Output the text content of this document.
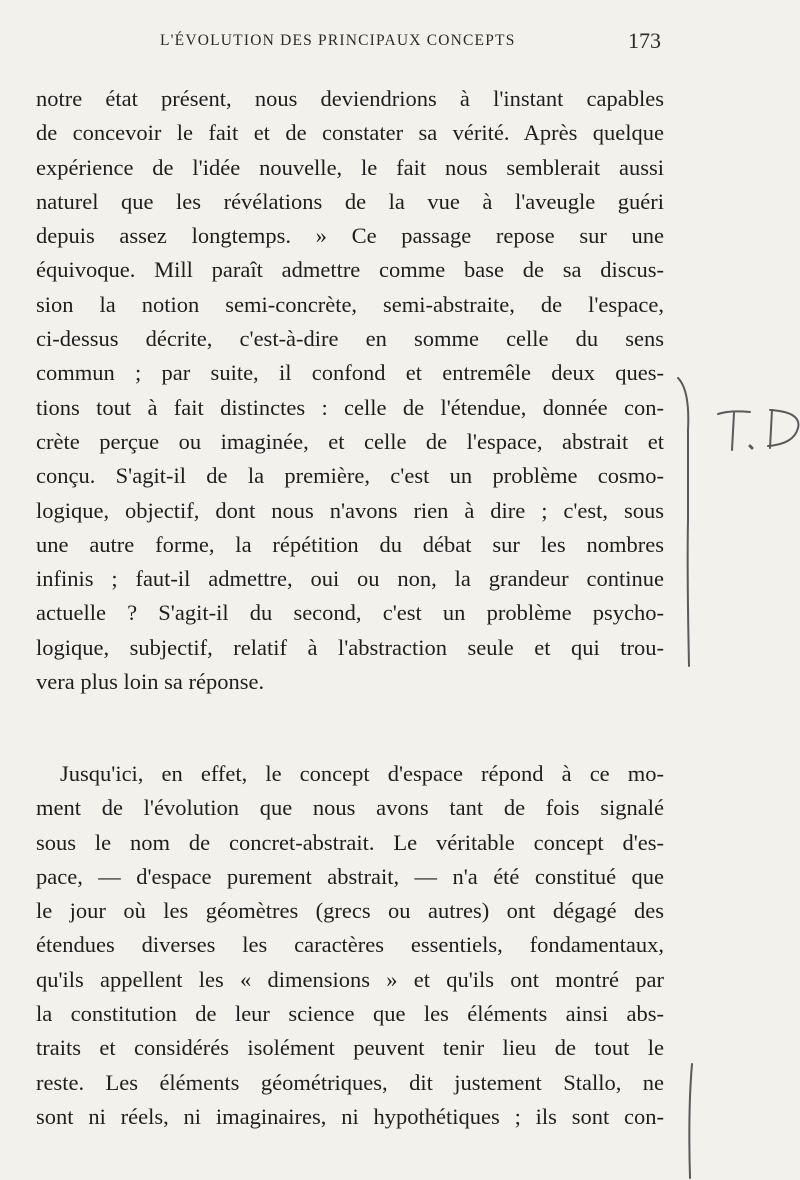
L'ÉVOLUTION DES PRINCIPAUX CONCEPTS	173
notre état présent, nous deviendrions à l'instant capables
de concevoir le fait et de constater sa vérité. Après quelque
expérience de l'idée nouvelle, le fait nous semblerait aussi
naturel que les révélations de la vue à l'aveugle guéri
depuis assez longtemps. » Ce passage repose sur une
équivoque. Mill paraît admettre comme base de sa discus-
sion la notion semi-concrète, semi-abstraite, de l'espace,
ci-dessus décrite, c'est-à-dire en somme celle du sens
commun ; par suite, il confond et entremêle deux ques-
tions tout à fait distinctes : celle de l'étendue, donnée con-
crète perçue ou imaginée, et celle de l'espace, abstrait et
conçu. S'agit-il de la première, c'est un problème cosmo-
logique, objectif, dont nous n'avons rien à dire ; c'est, sous
une autre forme, la répétition du débat sur les nombres
infinis ; faut-il admettre, oui ou non, la grandeur continue
actuelle ? S'agit-il du second, c'est un problème psycho-
logique, subjectif, relatif à l'abstraction seule et qui trou-
vera plus loin sa réponse.
Jusqu'ici, en effet, le concept d'espace répond à ce mo-
ment de l'évolution que nous avons tant de fois signalé
sous le nom de concret-abstrait. Le véritable concept d'es-
pace, — d'espace purement abstrait, — n'a été constitué que
le jour où les géomètres (grecs ou autres) ont dégagé des
étendues diverses les caractères essentiels, fondamentaux,
qu'ils appellent les « dimensions » et qu'ils ont montré par
la constitution de leur science que les éléments ainsi abs-
traits et considérés isolément peuvent tenir lieu de tout le
reste. Les éléments géométriques, dit justement Stallo, ne
sont ni réels, ni imaginaires, ni hypothétiques ; ils sont con-
